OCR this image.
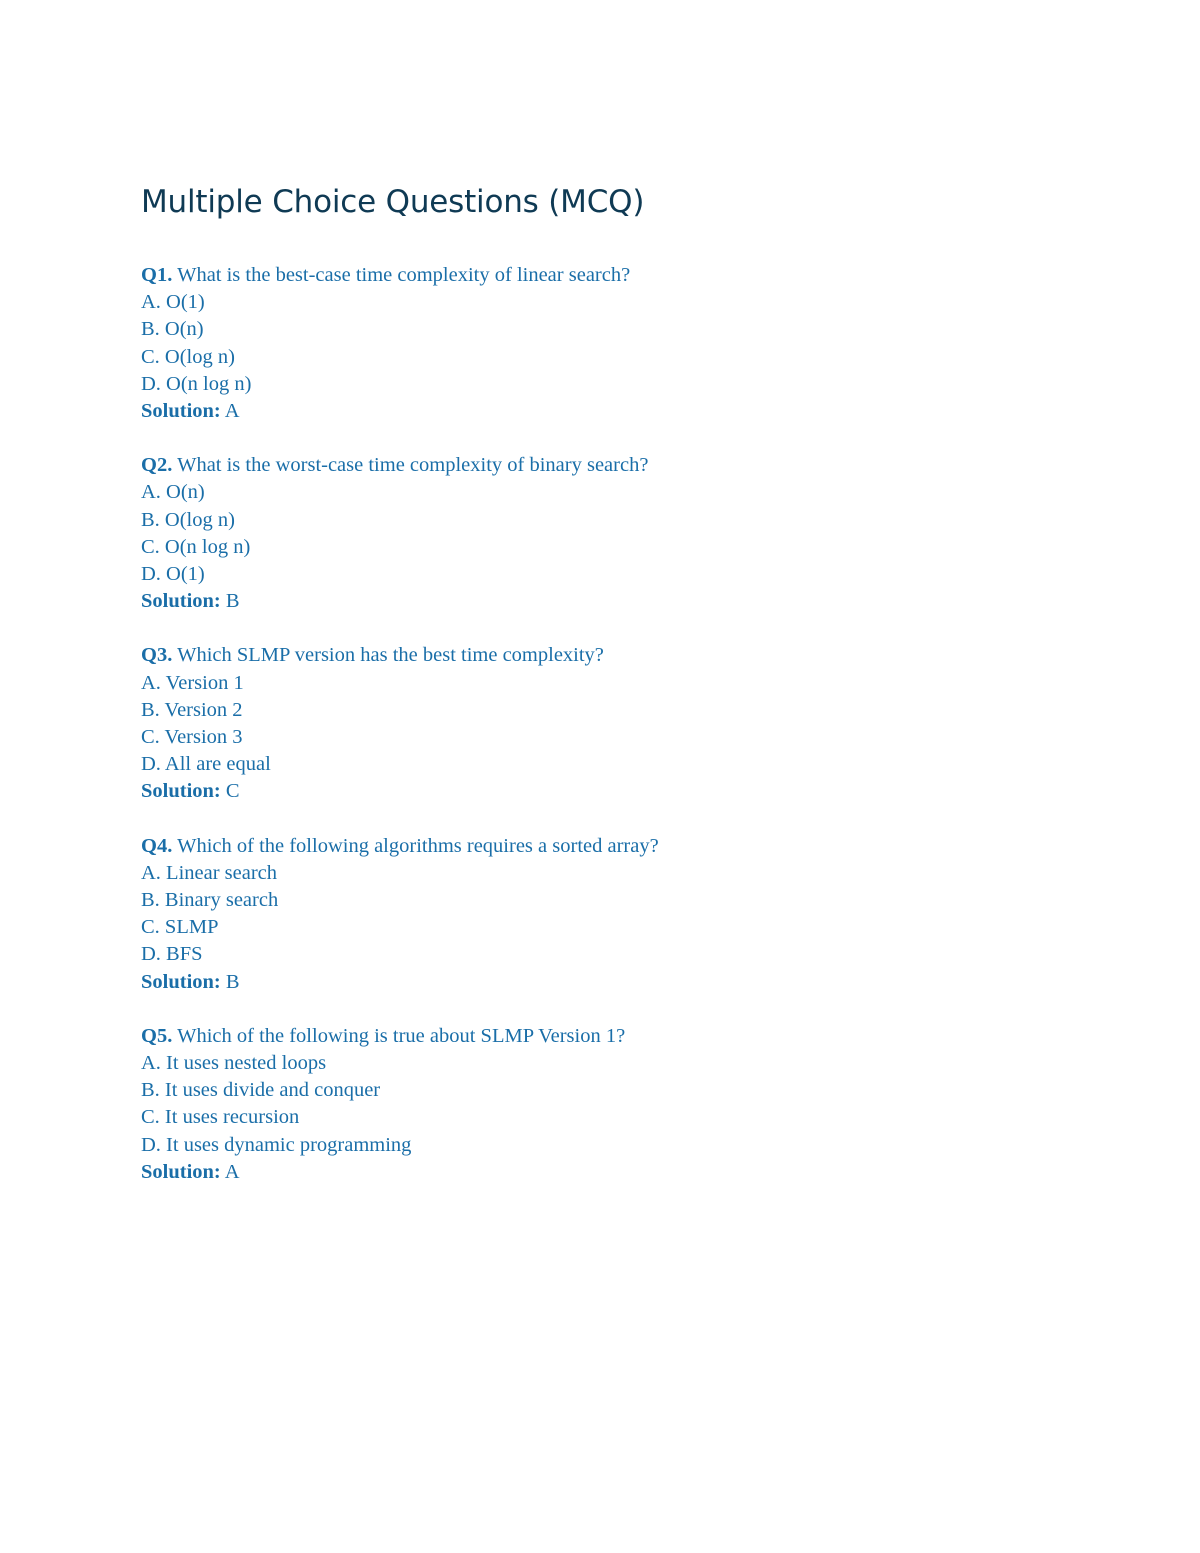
Multiple Choice Questions (MCQ)

Q1. What is the best-case time complexity of linear search?

A. O(1)

B. O(n)

C. O(log n)

D. O(n log n)

Solution: A

Q2. What is the worst-case time complexity of binary search?

A. O(n)

B. O(log n)

C. O(n log n)

D. O(1)

Solution: B

Q3. Which SLMP version has the best time complexity?

A. Version 1

B. Version 2

C. Version 3

D. All are equal

Solution: C

Q4. Which of the following algorithms requires a sorted array?

A. Linear search

B. Binary search

C. SLMP

D. BFS

Solution: B

Q5. Which of the following is true about SLMP Version 1?

A. It uses nested loops

B. It uses divide and conquer

C. It uses recursion

D. It uses dynamic programming

Solution: A
